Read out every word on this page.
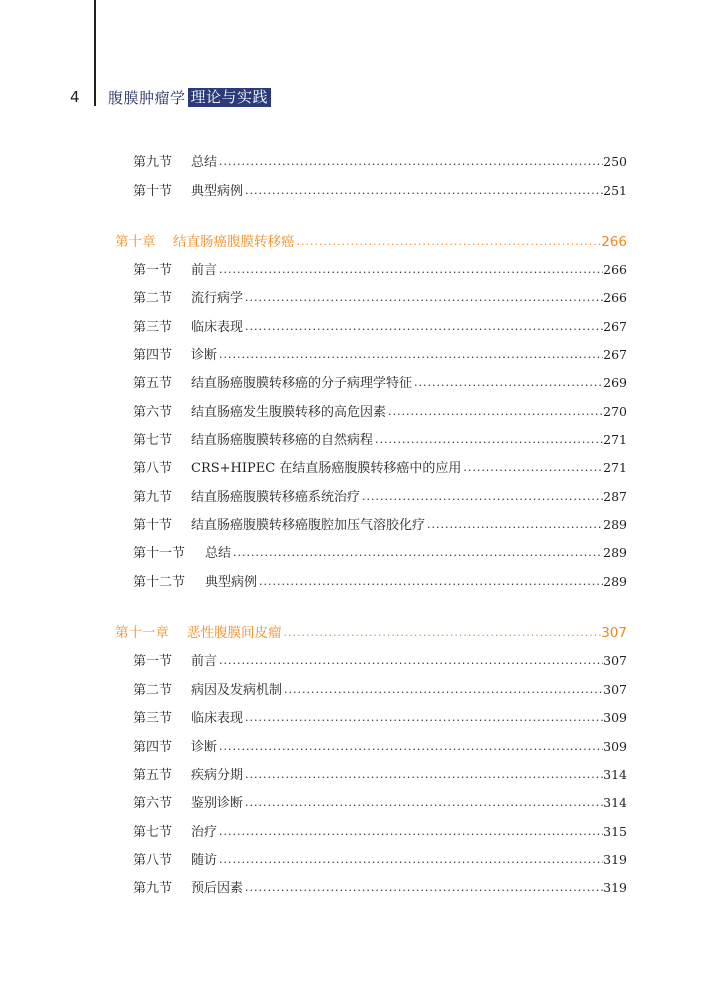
4	腹膜肿瘤学 理论与实践
第九节	总结 .....	250
第十节	典型病例 .....	251
第十章	结直肠癌腹膜转移癌 .....	266
第一节	前言 .....	266
第二节	流行病学 .....	266
第三节	临床表现 .....	267
第四节	诊断 .....	267
第五节	结直肠癌腹膜转移癌的分子病理学特征 .....	269
第六节	结直肠癌发生腹膜转移的高危因素 .....	270
第七节	结直肠癌腹膜转移癌的自然病程 .....	271
第八节	CRS+HIPEC 在结直肠癌腹膜转移癌中的应用 .....	271
第九节	结直肠癌腹膜转移癌系统治疗 .....	287
第十节	结直肠癌腹膜转移癌腹腔加压气溶胶化疗 .....	289
第十一节	总结 .....	289
第十二节	典型病例 .....	289
第十一章	恶性腹膜间皮瘤 .....	307
第一节	前言 .....	307
第二节	病因及发病机制 .....	307
第三节	临床表现 .....	309
第四节	诊断 .....	309
第五节	疾病分期 .....	314
第六节	鉴别诊断 .....	314
第七节	治疗 .....	315
第八节	随访 .....	319
第九节	预后因素 .....	319
